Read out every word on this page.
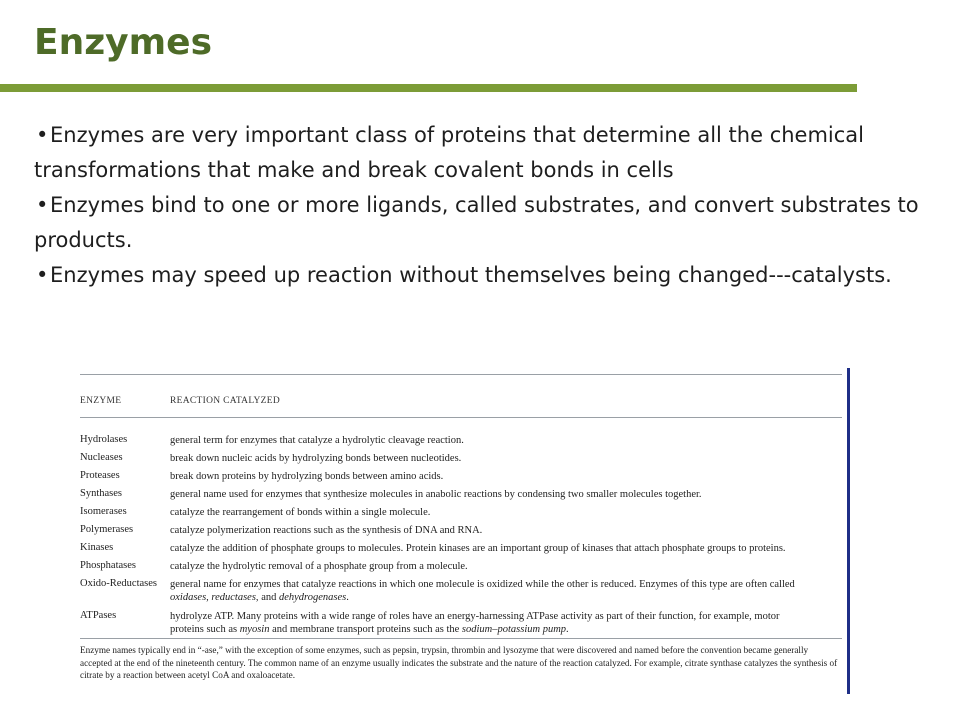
Enzymes
•Enzymes are very important class of proteins that determine all the chemical transformations that make and break covalent bonds in cells
•Enzymes bind to one or more ligands, called substrates, and convert substrates to products.
•Enzymes may speed up reaction without themselves being changed---catalysts.
ENZYME	REACTION CATALYZED
Hydrolases	general term for enzymes that catalyze a hydrolytic cleavage reaction.
Nucleases	break down nucleic acids by hydrolyzing bonds between nucleotides.
Proteases	break down proteins by hydrolyzing bonds between amino acids.
Synthases	general name used for enzymes that synthesize molecules in anabolic reactions by condensing two smaller molecules together.
Isomerases	catalyze the rearrangement of bonds within a single molecule.
Polymerases	catalyze polymerization reactions such as the synthesis of DNA and RNA.
Kinases	catalyze the addition of phosphate groups to molecules. Protein kinases are an important group of kinases that attach phosphate groups to proteins.
Phosphatases	catalyze the hydrolytic removal of a phosphate group from a molecule.
Oxido-Reductases general name for enzymes that catalyze reactions in which one molecule is oxidized while the other is reduced. Enzymes of this type are often called
oxidases, reductases, and dehydrogenases.
ATPases	hydrolyze ATP. Many proteins with a wide range of roles have an energy-harnessing ATPase activity as part of their function, for example, motor
proteins such as myosin and membrane transport proteins such as the sodium–potassium pump.
Enzyme names typically end in “-ase,” with the exception of some enzymes, such as pepsin, trypsin, thrombin and lysozyme that were discovered and named before the convention became generally accepted at the end of the nineteenth century. The common name of an enzyme usually indicates the substrate and the nature of the reaction catalyzed. For example, citrate synthase catalyzes the synthesis of citrate by a reaction between acetyl CoA and oxaloacetate.
